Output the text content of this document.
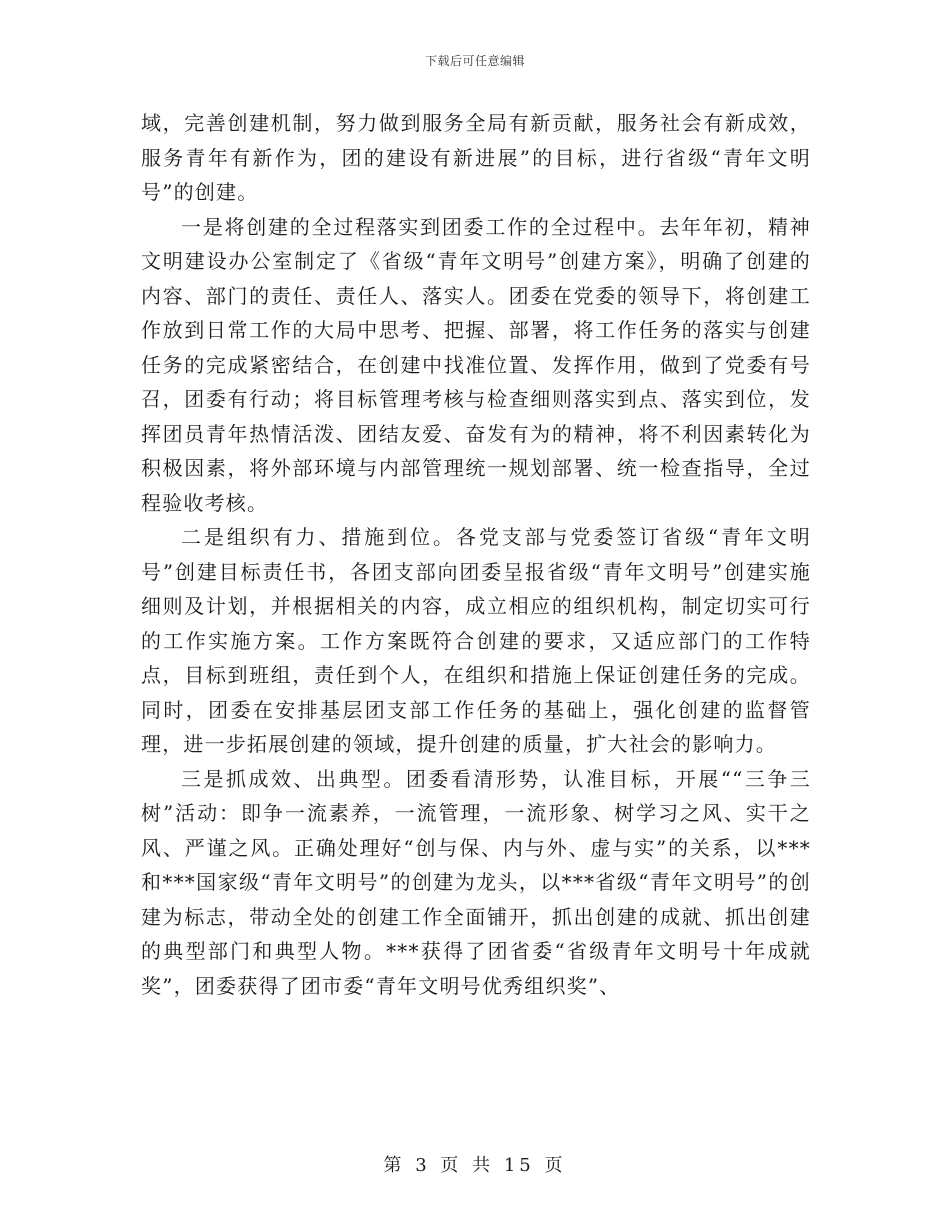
下载后可任意编辑

域，完善创建机制，努力做到服务全局有新贡献，服务社会有新成效，服务青年有新作为，团的建设有新进展”的目标，进行省级“青年文明号”的创建。

一是将创建的全过程落实到团委工作的全过程中。去年年初，精神文明建设办公室制定了《省级“青年文明号”创建方案》，明确了创建的内容、部门的责任、责任人、落实人。团委在党委的领导下，将创建工作放到日常工作的大局中思考、把握、部署，将工作任务的落实与创建任务的完成紧密结合，在创建中找准位置、发挥作用，做到了党委有号召，团委有行动；将目标管理考核与检查细则落实到点、落实到位，发挥团员青年热情活泼、团结友爱、奋发有为的精神，将不利因素转化为积极因素，将外部环境与内部管理统一规划部署、统一检查指导，全过程验收考核。

二是组织有力、措施到位。各党支部与党委签订省级“青年文明号”创建目标责任书，各团支部向团委呈报省级“青年文明号”创建实施细则及计划，并根据相关的内容，成立相应的组织机构，制定切实可行的工作实施方案。工作方案既符合创建的要求，又适应部门的工作特点，目标到班组，责任到个人，在组织和措施上保证创建任务的完成。同时，团委在安排基层团支部工作任务的基础上，强化创建的监督管理，进一步拓展创建的领域，提升创建的质量，扩大社会的影响力。

三是抓成效、出典型。团委看清形势，认准目标，开展““三争三树”活动：即争一流素养，一流管理，一流形象、树学习之风、实干之风、严谨之风。正确处理好“创与保、内与外、虚与实”的关系，以***和***国家级“青年文明号”的创建为龙头，以***省级“青年文明号”的创建为标志，带动全处的创建工作全面铺开，抓出创建的成就、抓出创建的典型部门和典型人物。***获得了团省委“省级青年文明号十年成就奖”，团委获得了团市委“青年文明号优秀组织奖”、

第 3 页 共 15 页
